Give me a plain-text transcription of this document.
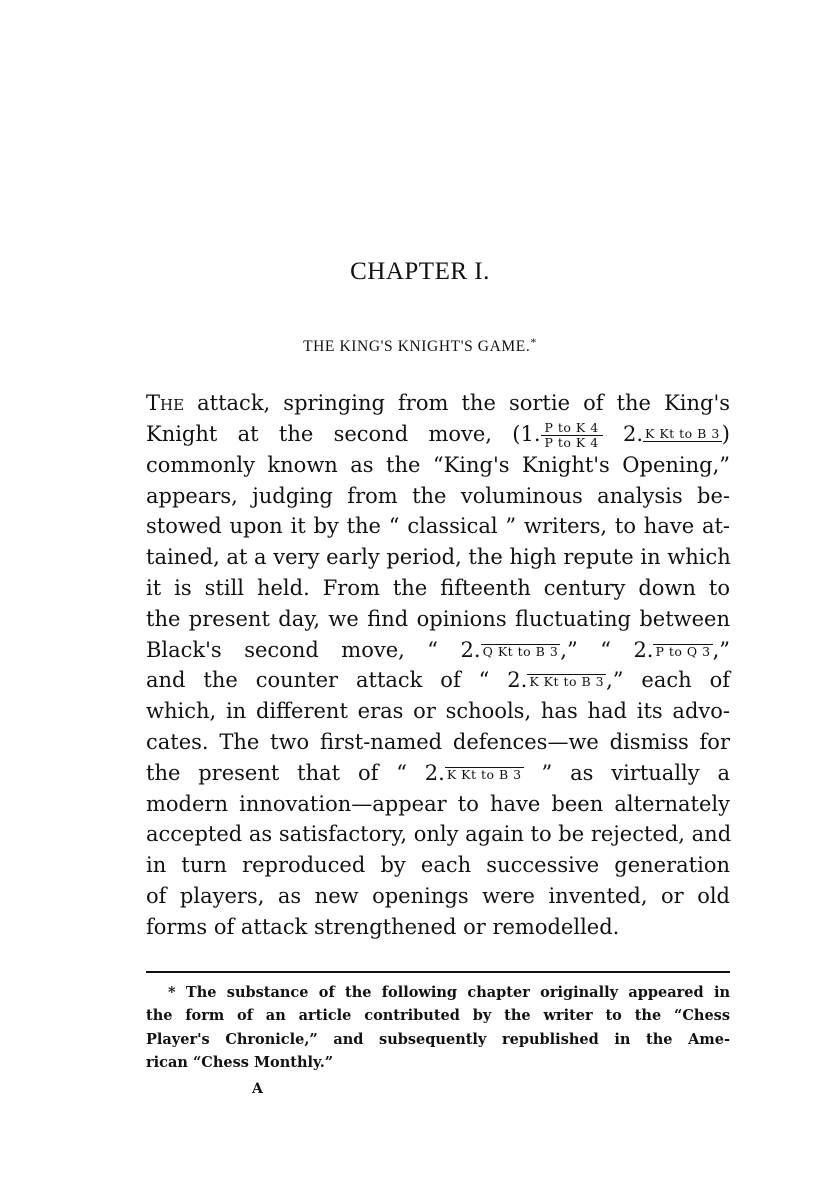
CHAPTER I.
THE KING'S KNIGHT'S GAME.*
The attack, springing from the sortie of the King's
Knight at the second move, (1. $\frac{\text{P to K 4}}{\text{P to K 4}} 2$. K Kt to B 3)
commonly known as the “King's Knight's Opening,”
appears, judging from the voluminous analysis be-
stowed upon it by the “ classical ” writers, to have at-
tained, at a very early period, the high repute in which
it is still held. From the fifteenth century down to
the present day, we find opinions fluctuating between
Black's second move, “ 2. Q Kt to B 3,” “ 2. P to Q 3,”
and the counter attack of “ 2. K Kt to B 3,” each of
which, in different eras or schools, has had its advo-
cates. The two first-named defences—we dismiss for
the present that of “ 2. K Kt to B 3 ” as virtually a
modern innovation—appear to have been alternately
accepted as satisfactory, only again to be rejected, and
in turn reproduced by each successive generation
of players, as new openings were invented, or old
forms of attack strengthened or remodelled.
* The substance of the following chapter originally appeared in
the form of an article contributed by the writer to the “Chess
Player's Chronicle,” and subsequently republished in the Ame-
rican “Chess Monthly.”
A
